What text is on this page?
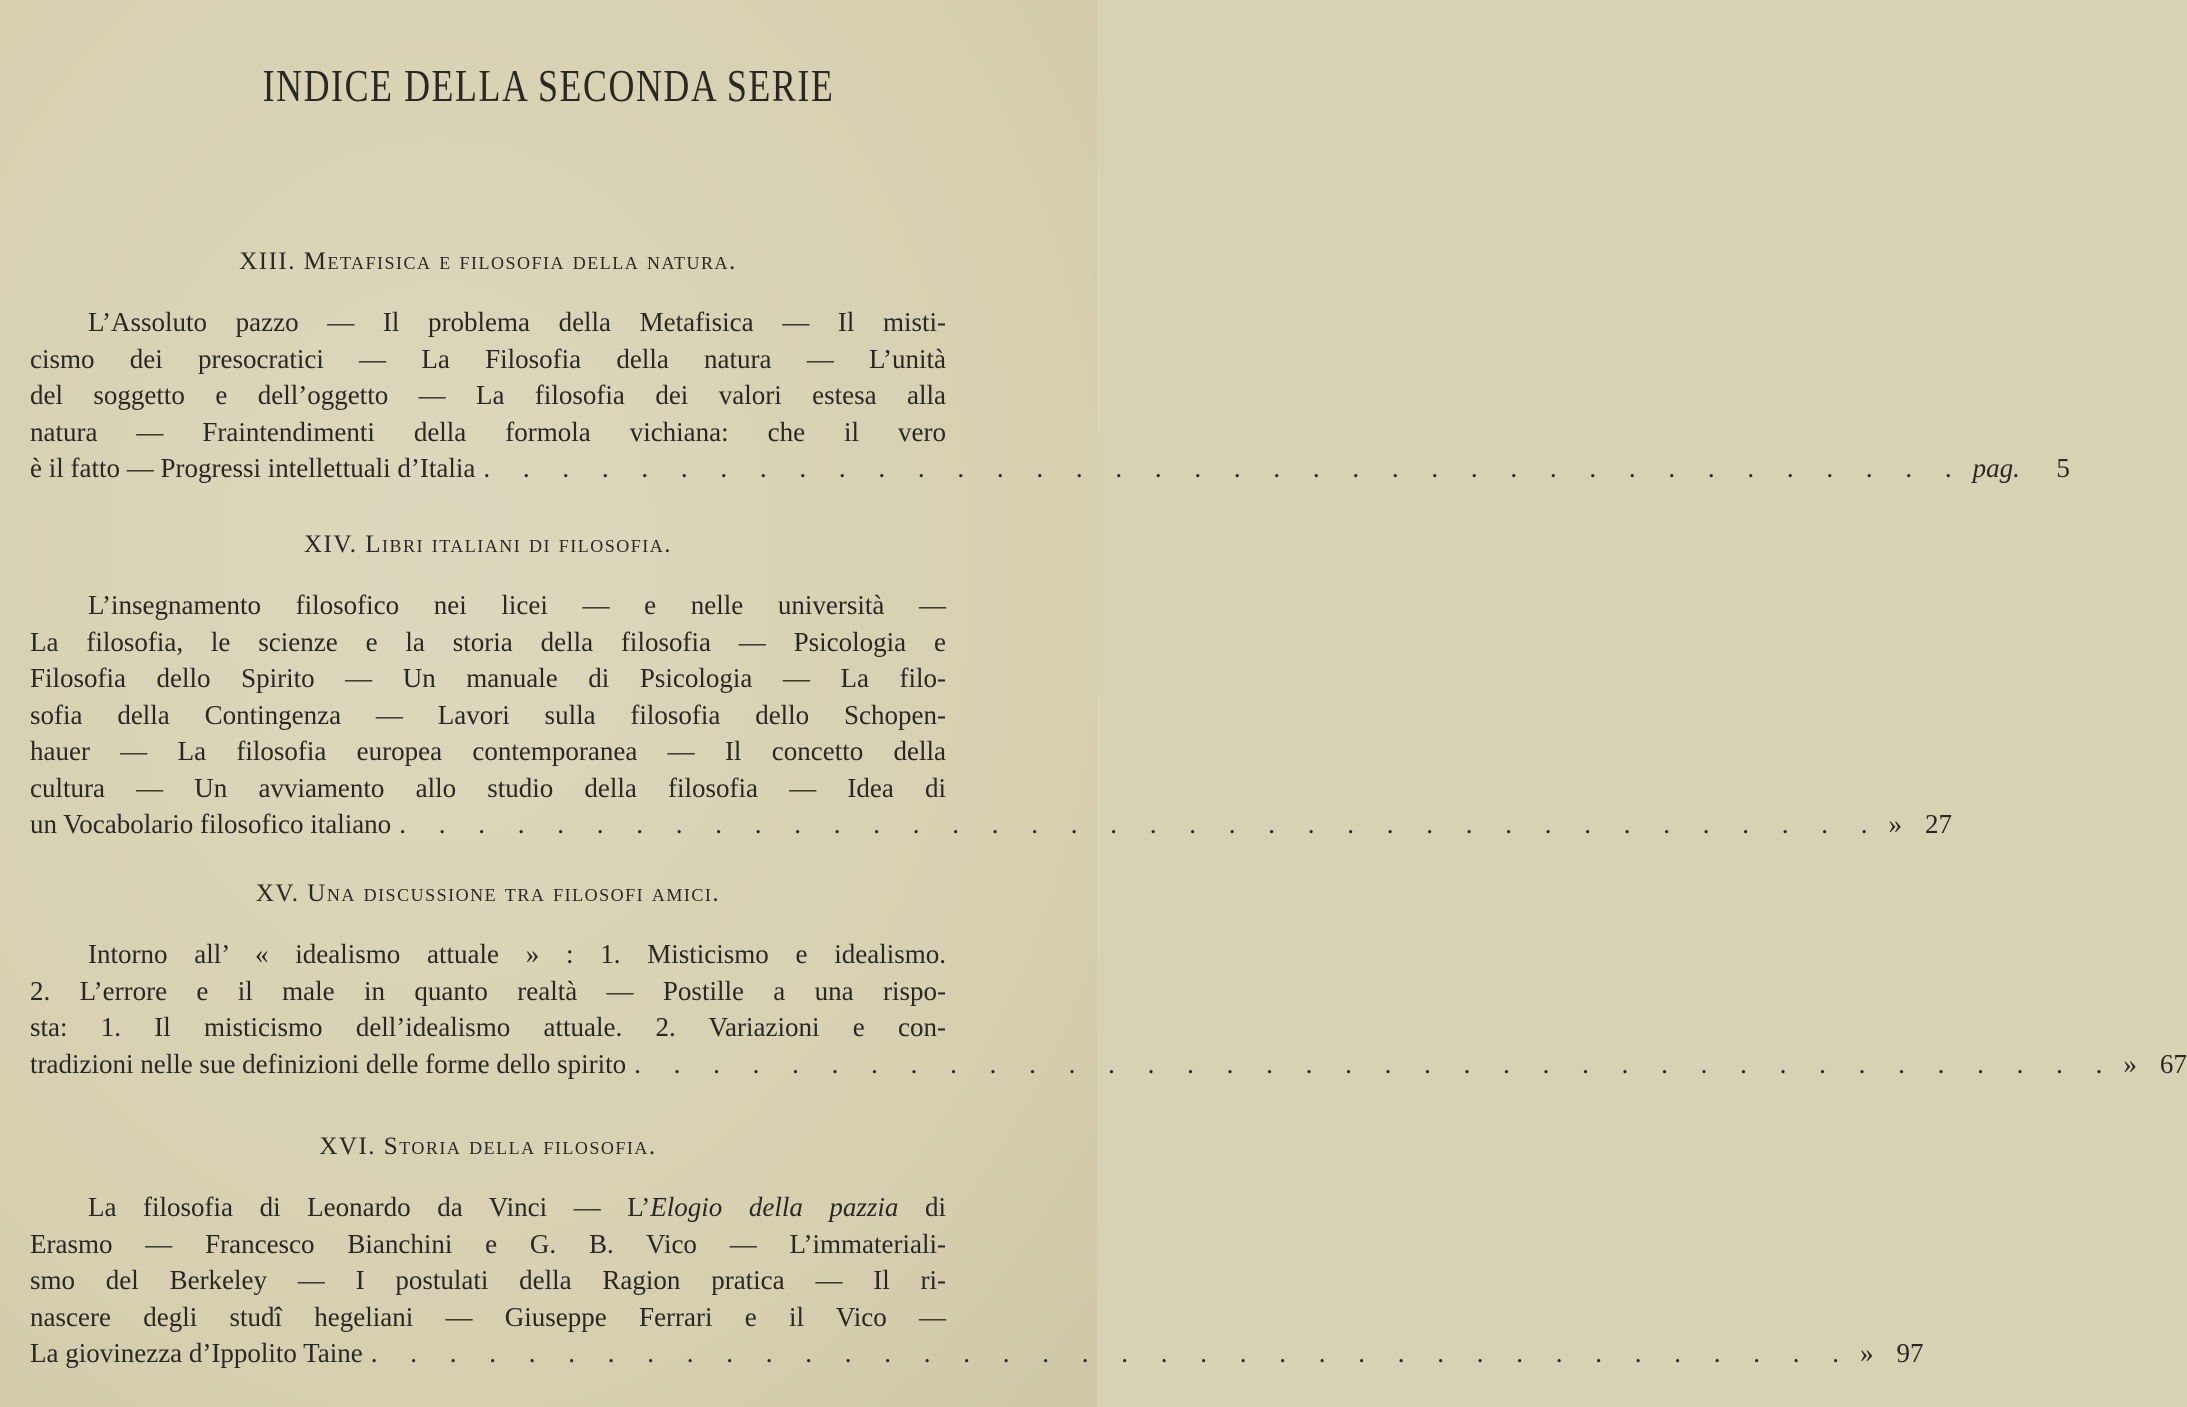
INDICE DELLA SECONDA SERIE
XIII. Metafisica e filosofia della natura.
L’Assoluto pazzo — Il problema della Metafisica — Il misti-
cismo dei presocratici — La Filosofia della natura — L’unità
del soggetto e dell’oggetto — La filosofia dei valori estesa alla
natura — Fraintendimenti della formola vichiana: che il vero
è il fatto — Progressi intellettuali d’Italia . . . . . . . . . . . . . . . . . . . . . . . . . . . . . . . . . . . . . . pag.	5
XIV. Libri italiani di filosofia.
L’insegnamento filosofico nei licei — e nelle università —
La filosofia, le scienze e la storia della filosofia — Psicologia e
Filosofia dello Spirito — Un manuale di Psicologia — La filo-
sofia della Contingenza — Lavori sulla filosofia dello Schopen-
hauer — La filosofia europea contemporanea — Il concetto della
cultura — Un avviamento allo studio della filosofia — Idea di
un Vocabolario filosofico italiano . . . . . . . . . . . . . . . . . . . . . . . . . . . . . . . . . . . . . . » 27
XV. Una discussione tra filosofi amici.
Intorno all’ « idealismo attuale » : 1. Misticismo e idealismo.
2. L’errore e il male in quanto realtà — Postille a una rispo-
sta: 1. Il misticismo dell’idealismo attuale. 2. Variazioni e con-
tradizioni nelle sue definizioni delle forme dello spirito . . . . . . . . . . . . . . . . . . . . . . . . . . . . . . . . . . . . . . » 67
XVI. Storia della filosofia.
La filosofia di Leonardo da Vinci — L’Elogio della pazzia di
Erasmo — Francesco Bianchini e G. B. Vico — L’immateriali-
smo del Berkeley — I postulati della Ragion pratica — Il ri-
nascere degli studî hegeliani — Giuseppe Ferrari e il Vico —
La giovinezza d’Ippolito Taine . . . . . . . . . . . . . . . . . . . . . . . . . . . . . . . . . . . . . . » 97
